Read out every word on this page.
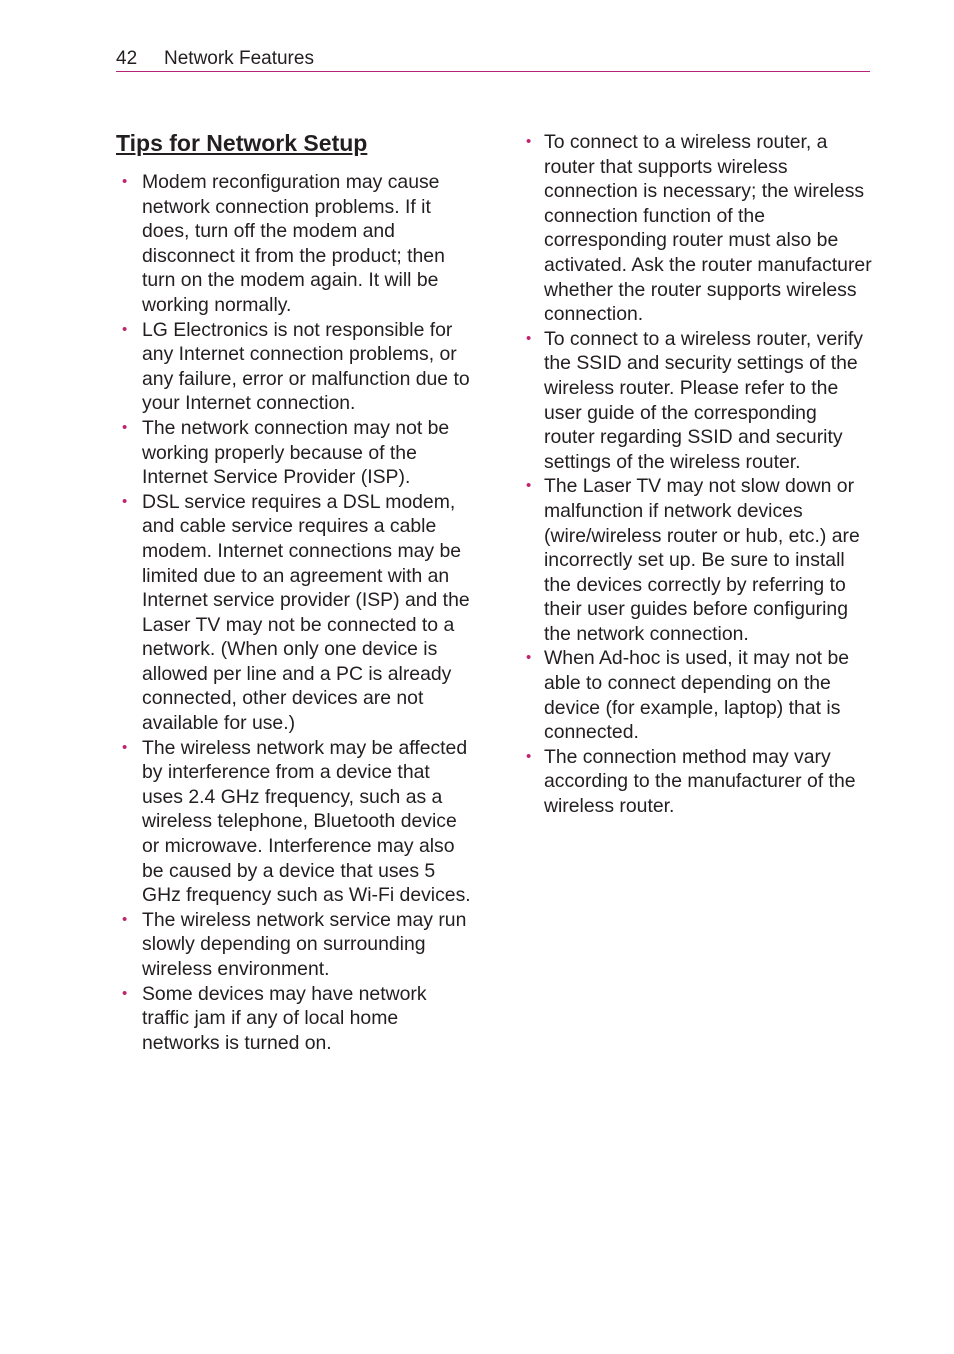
42 Network Features
Tips for Network Setup
• Modem reconfiguration may cause network connection problems. If it does, turn off the modem and disconnect it from the product; then turn on the modem again. It will be working normally.
• LG Electronics is not responsible for any Internet connection problems, or any failure, error or malfunction due to your Internet connection.
• The network connection may not be working properly because of the Internet Service Provider (ISP).
• DSL service requires a DSL modem, and cable service requires a cable modem. Internet connections may be limited due to an agreement with an Internet service provider (ISP) and the Laser TV may not be connected to a network. (When only one device is allowed per line and a PC is already connected, other devices are not available for use.)
• The wireless network may be affected by interference from a device that uses 2.4 GHz frequency, such as a wireless telephone, Bluetooth device or microwave. Interference may also be caused by a device that uses 5 GHz frequency such as Wi-Fi devices.
• The wireless network service may run slowly depending on surrounding wireless environment.
• Some devices may have network traffic jam if any of local home networks is turned on.
• To connect to a wireless router, a router that supports wireless connection is necessary; the wireless connection function of the corresponding router must also be activated. Ask the router manufacturer whether the router supports wireless connection.
• To connect to a wireless router, verify the SSID and security settings of the wireless router. Please refer to the user guide of the corresponding router regarding SSID and security settings of the wireless router.
• The Laser TV may not slow down or malfunction if network devices (wire/wireless router or hub, etc.) are incorrectly set up. Be sure to install the devices correctly by referring to their user guides before configuring the network connection.
• When Ad-hoc is used, it may not be able to connect depending on the device (for example, laptop) that is connected.
• The connection method may vary according to the manufacturer of the wireless router.
